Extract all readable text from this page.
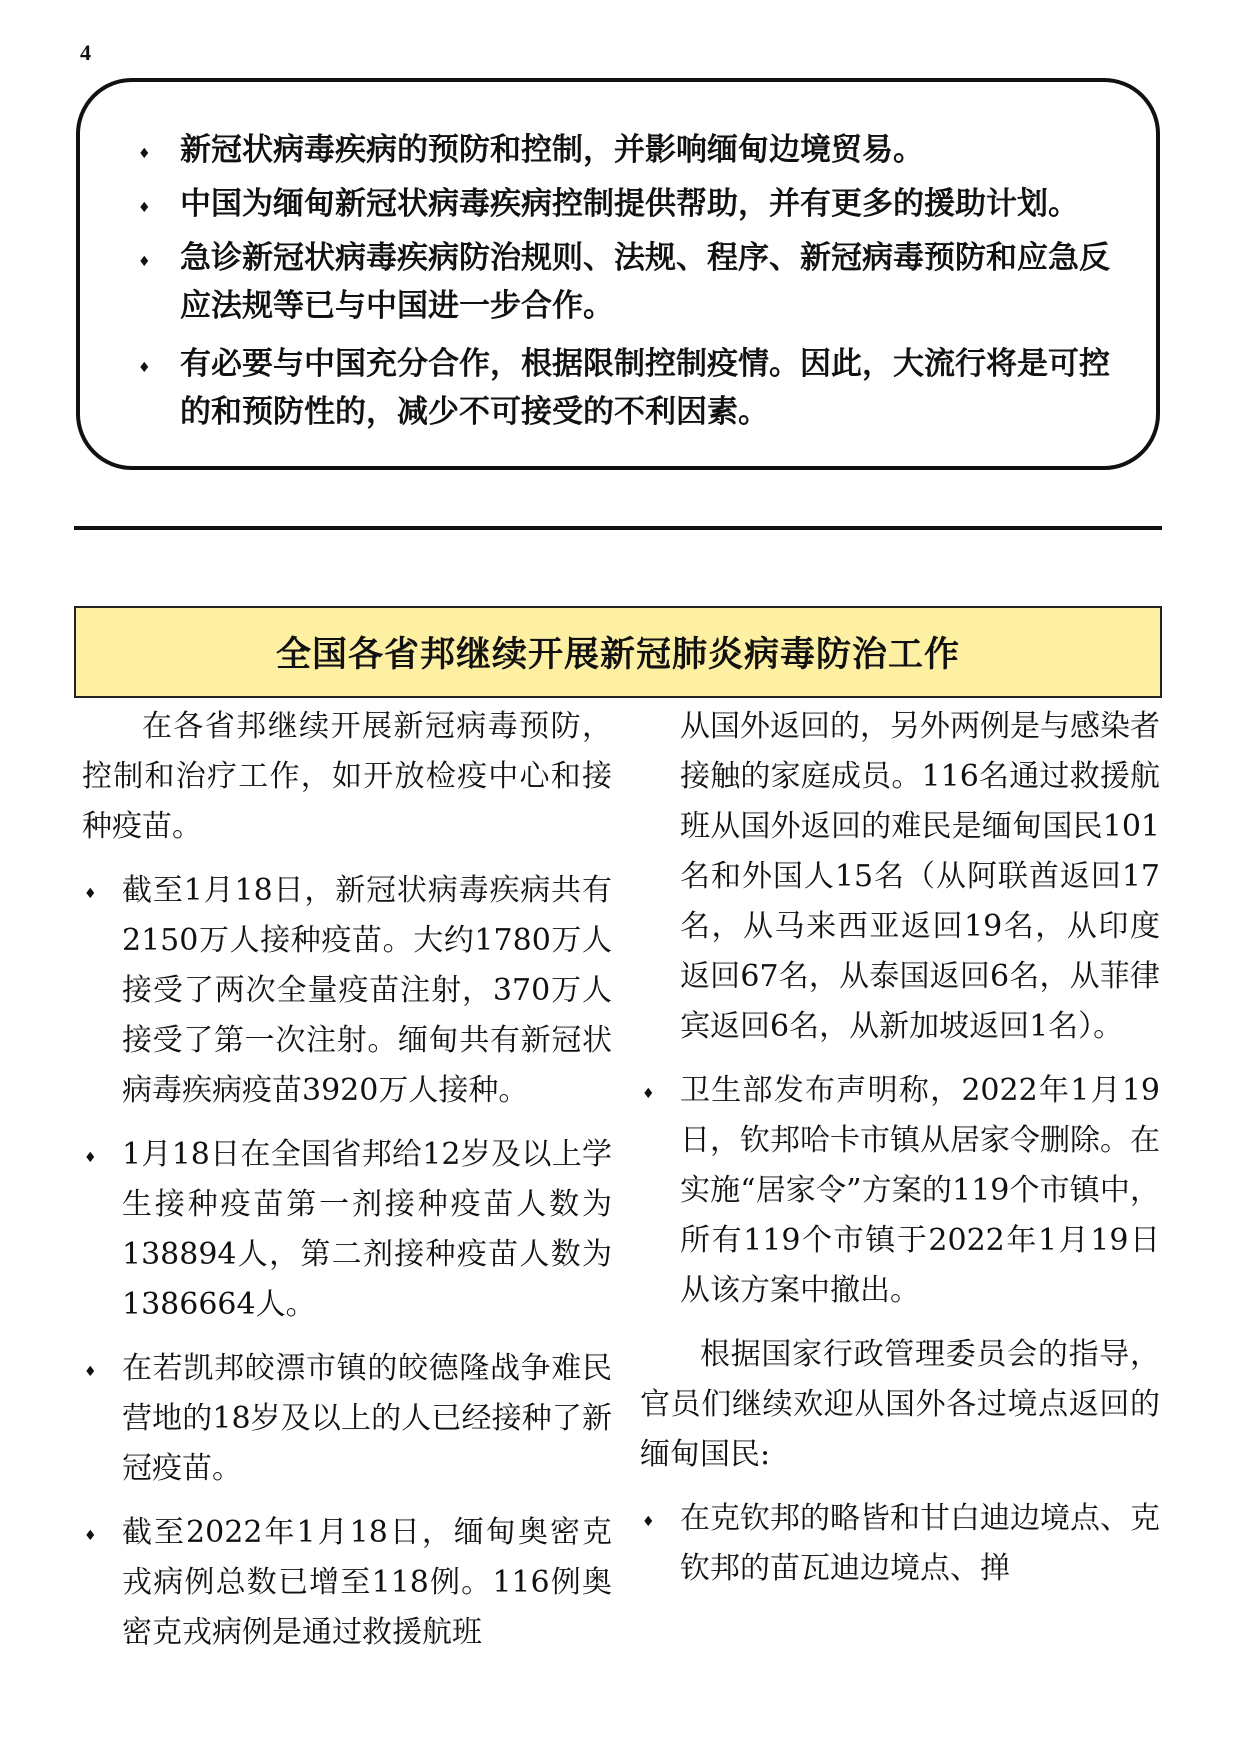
4
♦ 新冠状病毒疾病的预防和控制，并影响缅甸边境贸易。
♦ 中国为缅甸新冠状病毒疾病控制提供帮助，并有更多的援助计划。
♦ 急诊新冠状病毒疾病防治规则、法规、程序、新冠病毒预防和应急反应法规等已与中国进一步合作。
♦ 有必要与中国充分合作，根据限制控制疫情。因此，大流行将是可控的和预防性的，减少不可接受的不利因素。
全国各省邦继续开展新冠肺炎病毒防治工作

在各省邦继续开展新冠病毒预防，控制和治疗工作，如开放检疫中心和接种疫苗。

♦ 截至1月18日，新冠状病毒疾病共有2150万人接种疫苗。大约1780万人接受了两次全量疫苗注射，370万人接受了第一次注射。缅甸共有新冠状病毒疾病疫苗3920万人接种。
♦ 1月18日在全国省邦给12岁及以上学生接种疫苗第一剂接种疫苗人数为138894人，第二剂接种疫苗人数为1386664人。
♦ 在若凯邦皎漂市镇的皎德隆战争难民营地的18岁及以上的人已经接种了新冠疫苗。
♦ 截至2022年1月18日，缅甸奥密克戎病例总数已增至118例。116例奥密克戎病例是通过救援航班

从国外返回的，另外两例是与感染者接触的家庭成员。116名通过救援航班从国外返回的难民是缅甸国民101名和外国人15名（从阿联酋返回17名，从马来西亚返回19名，从印度返回67名，从泰国返回6名，从菲律宾返回6名，从新加坡返回1名）。

♦ 卫生部发布声明称，2022年1月19日，钦邦哈卡市镇从居家令删除。在实施“居家令”方案的119个市镇中，所有119个市镇于2022年1月19日从该方案中撤出。

根据国家行政管理委员会的指导，官员们继续欢迎从国外各过境点返回的缅甸国民:

♦ 在克钦邦的略皆和甘白迪边境点、克钦邦的苗瓦迪边境点、掸
